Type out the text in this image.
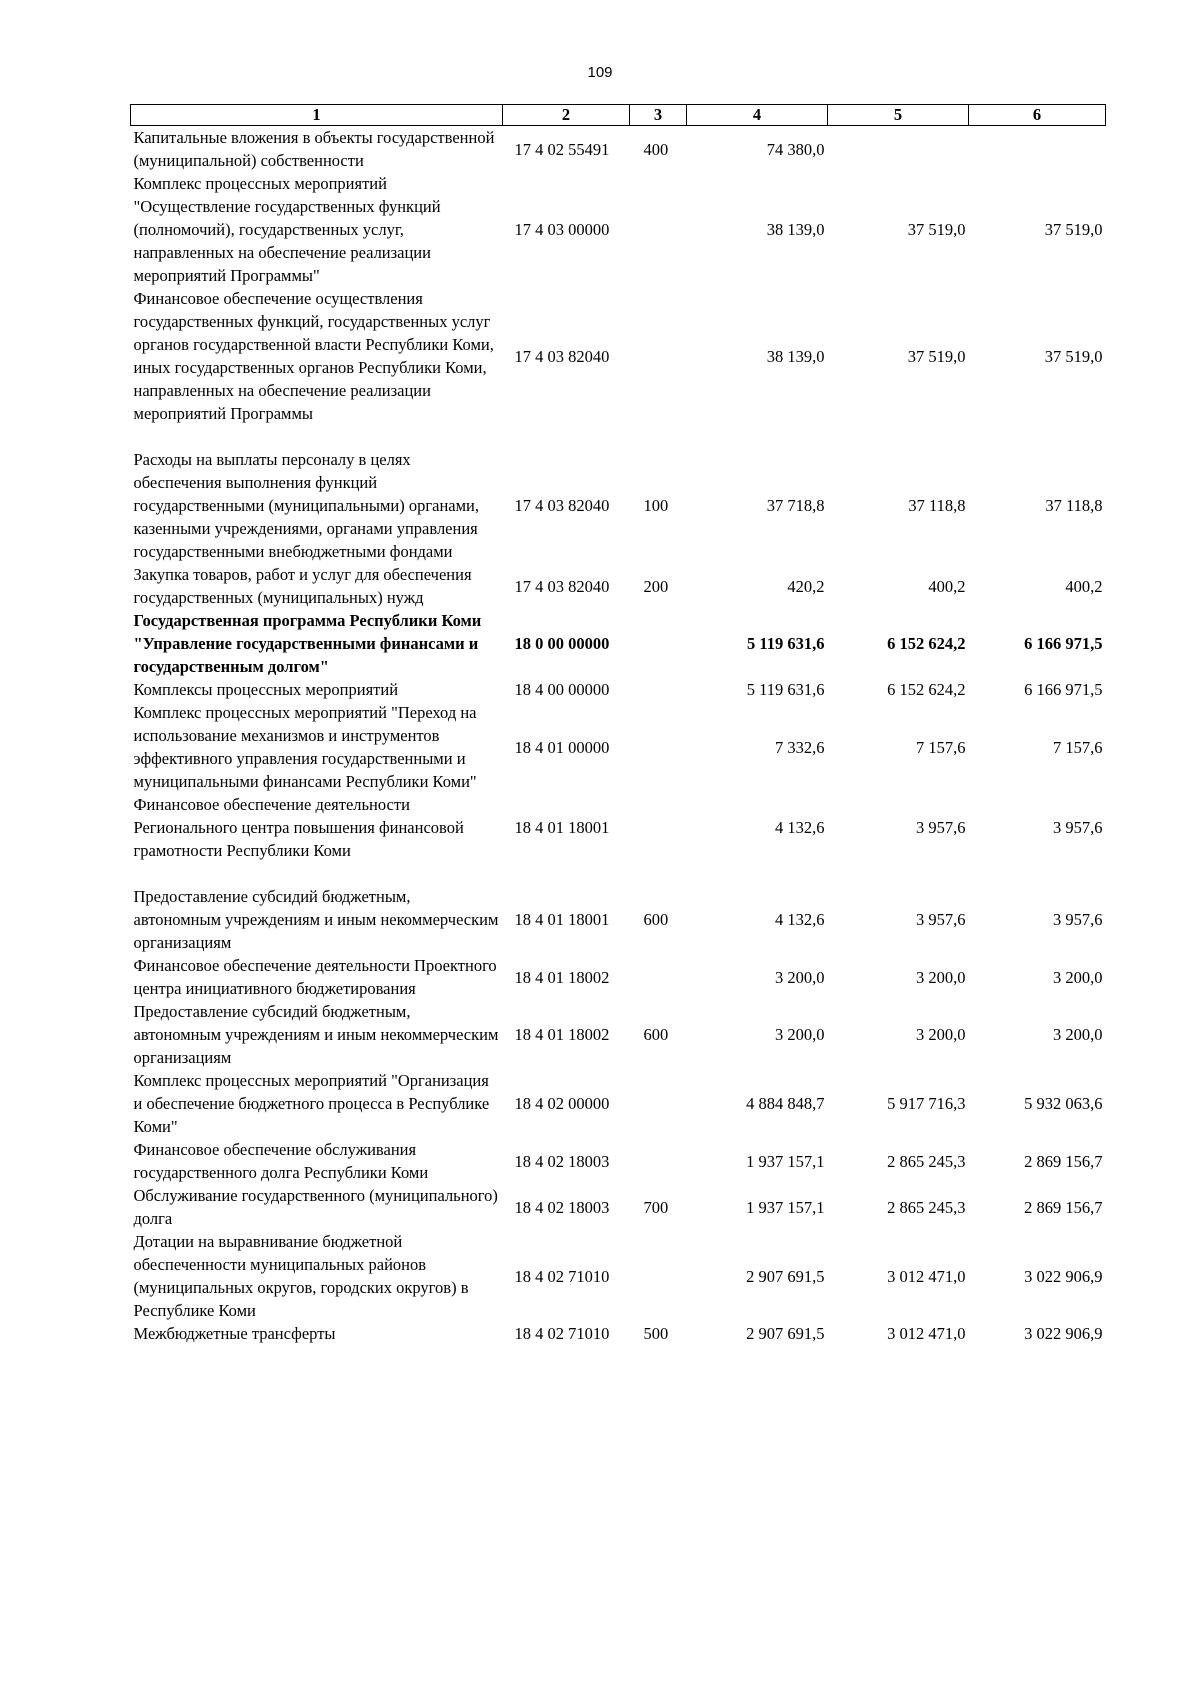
109
1	2	3	4	5	6
Капитальные вложения в объекты государственной (муниципальной) собственности	17 4 02 55491	400	74 380,0		
Комплекс процессных мероприятий "Осуществление государственных функций (полномочий), государственных услуг, направленных на обеспечение реализации мероприятий Программы"	17 4 03 00000		38 139,0	37 519,0	37 519,0
Финансовое обеспечение осуществления государственных функций, государственных услуг органов государственной власти Республики Коми, иных государственных органов Республики Коми, направленных на обеспечение реализации мероприятий Программы	17 4 03 82040		38 139,0	37 519,0	37 519,0

Расходы на выплаты персоналу в целях обеспечения выполнения функций государственными (муниципальными) органами, казенными учреждениями, органами управления государственными внебюджетными фондами	17 4 03 82040	100	37 718,8	37 118,8	37 118,8
Закупка товаров, работ и услуг для обеспечения государственных (муниципальных) нужд	17 4 03 82040	200	420,2	400,2	400,2
Государственная программа Республики Коми "Управление государственными финансами и государственным долгом"	18 0 00 00000		5 119 631,6	6 152 624,2	6 166 971,5
Комплексы процессных мероприятий	18 4 00 00000		5 119 631,6	6 152 624,2	6 166 971,5
Комплекс процессных мероприятий "Переход на использование механизмов и инструментов эффективного управления государственными и муниципальными финансами Республики Коми"	18 4 01 00000		7 332,6	7 157,6	7 157,6
Финансовое обеспечение деятельности Регионального центра повышения финансовой грамотности Республики Коми	18 4 01 18001		4 132,6	3 957,6	3 957,6

Предоставление субсидий бюджетным, автономным учреждениям и иным некоммерческим организациям	18 4 01 18001	600	4 132,6	3 957,6	3 957,6
Финансовое обеспечение деятельности Проектного центра инициативного бюджетирования	18 4 01 18002		3 200,0	3 200,0	3 200,0
Предоставление субсидий бюджетным, автономным учреждениям и иным некоммерческим организациям	18 4 01 18002	600	3 200,0	3 200,0	3 200,0
Комплекс процессных мероприятий "Организация и обеспечение бюджетного процесса в Республике Коми"	18 4 02 00000		4 884 848,7	5 917 716,3	5 932 063,6
Финансовое обеспечение обслуживания государственного долга Республики Коми	18 4 02 18003		1 937 157,1	2 865 245,3	2 869 156,7
Обслуживание государственного (муниципального) долга	18 4 02 18003	700	1 937 157,1	2 865 245,3	2 869 156,7
Дотации на выравнивание бюджетной обеспеченности муниципальных районов (муниципальных округов, городских округов) в Республике Коми	18 4 02 71010		2 907 691,5	3 012 471,0	3 022 906,9
Межбюджетные трансферты	18 4 02 71010	500	2 907 691,5	3 012 471,0	3 022 906,9
